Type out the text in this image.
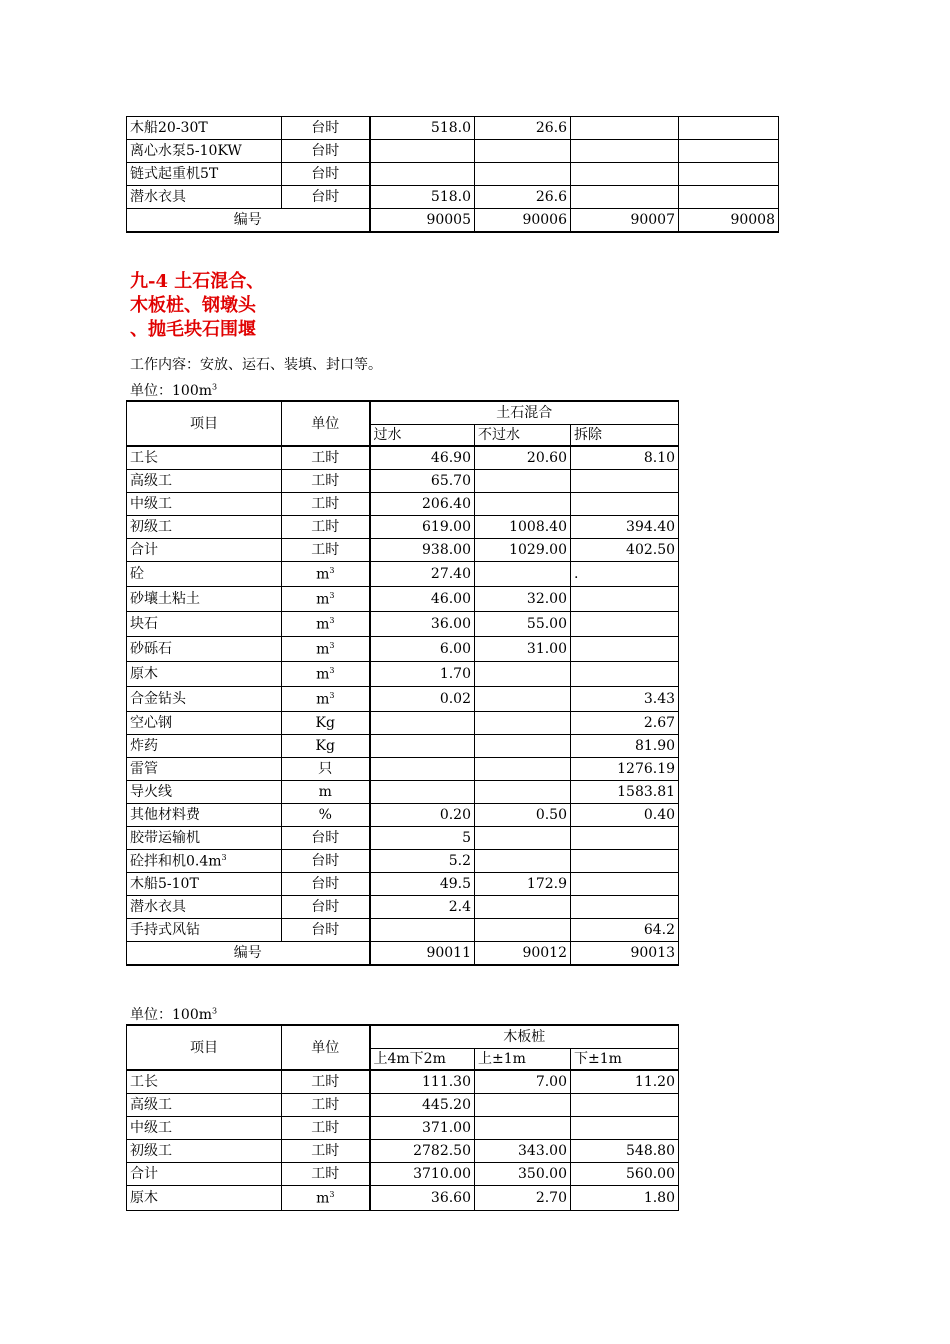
木船20-30T	台时	518.0	26.6		
离心水泵5-10KW	台时				
链式起重机5T	台时				
潜水衣具	台时	518.0	26.6		
编号		90005	90006	90007	90008
九-4 土石混合、
木板桩、钢墩头
、抛毛块石围堰
工作内容：安放、运石、装填、封口等。
单位：$100m^3$
项目	单位	土石混合		
		过水	不过水	拆除
工长	工时	46.90	20.60	8.10
高级工	工时	65.70		
中级工	工时	206.40		
初级工	工时	619.00	1008.40	394.40
合计	工时	938.00	1029.00	402.50
砼	$m^3$	27.40		.
砂壤土粘土	$m^3$	46.00	32.00	
块石	$m^3$	36.00	55.00	
砂砾石	$m^3$	6.00	31.00	
原木	$m^3$	1.70		
合金钻头	$m^3$	0.02		3.43
空心钢	Kg			2.67
炸药	Kg			81.90
雷管	只			1276.19
导火线	m			1583.81
其他材料费	%	0.20	0.50	0.40
胶带运输机	台时	5		
砼拌和机$0.4m^3$	台时	5.2		
木船5-10T	台时	49.5	172.9	
潜水衣具	台时	2.4		
手持式风钻	台时			64.2
编号		90011	90012	90013
单位：$100m^3$
项目	单位	木板桩		
		上4m下2m	上±1m	下±1m
工长	工时	111.30	7.00	11.20
高级工	工时	445.20		
中级工	工时	371.00		
初级工	工时	2782.50	343.00	548.80
合计	工时	3710.00	350.00	560.00
原木	$m^3$	36.60	2.70	1.80
